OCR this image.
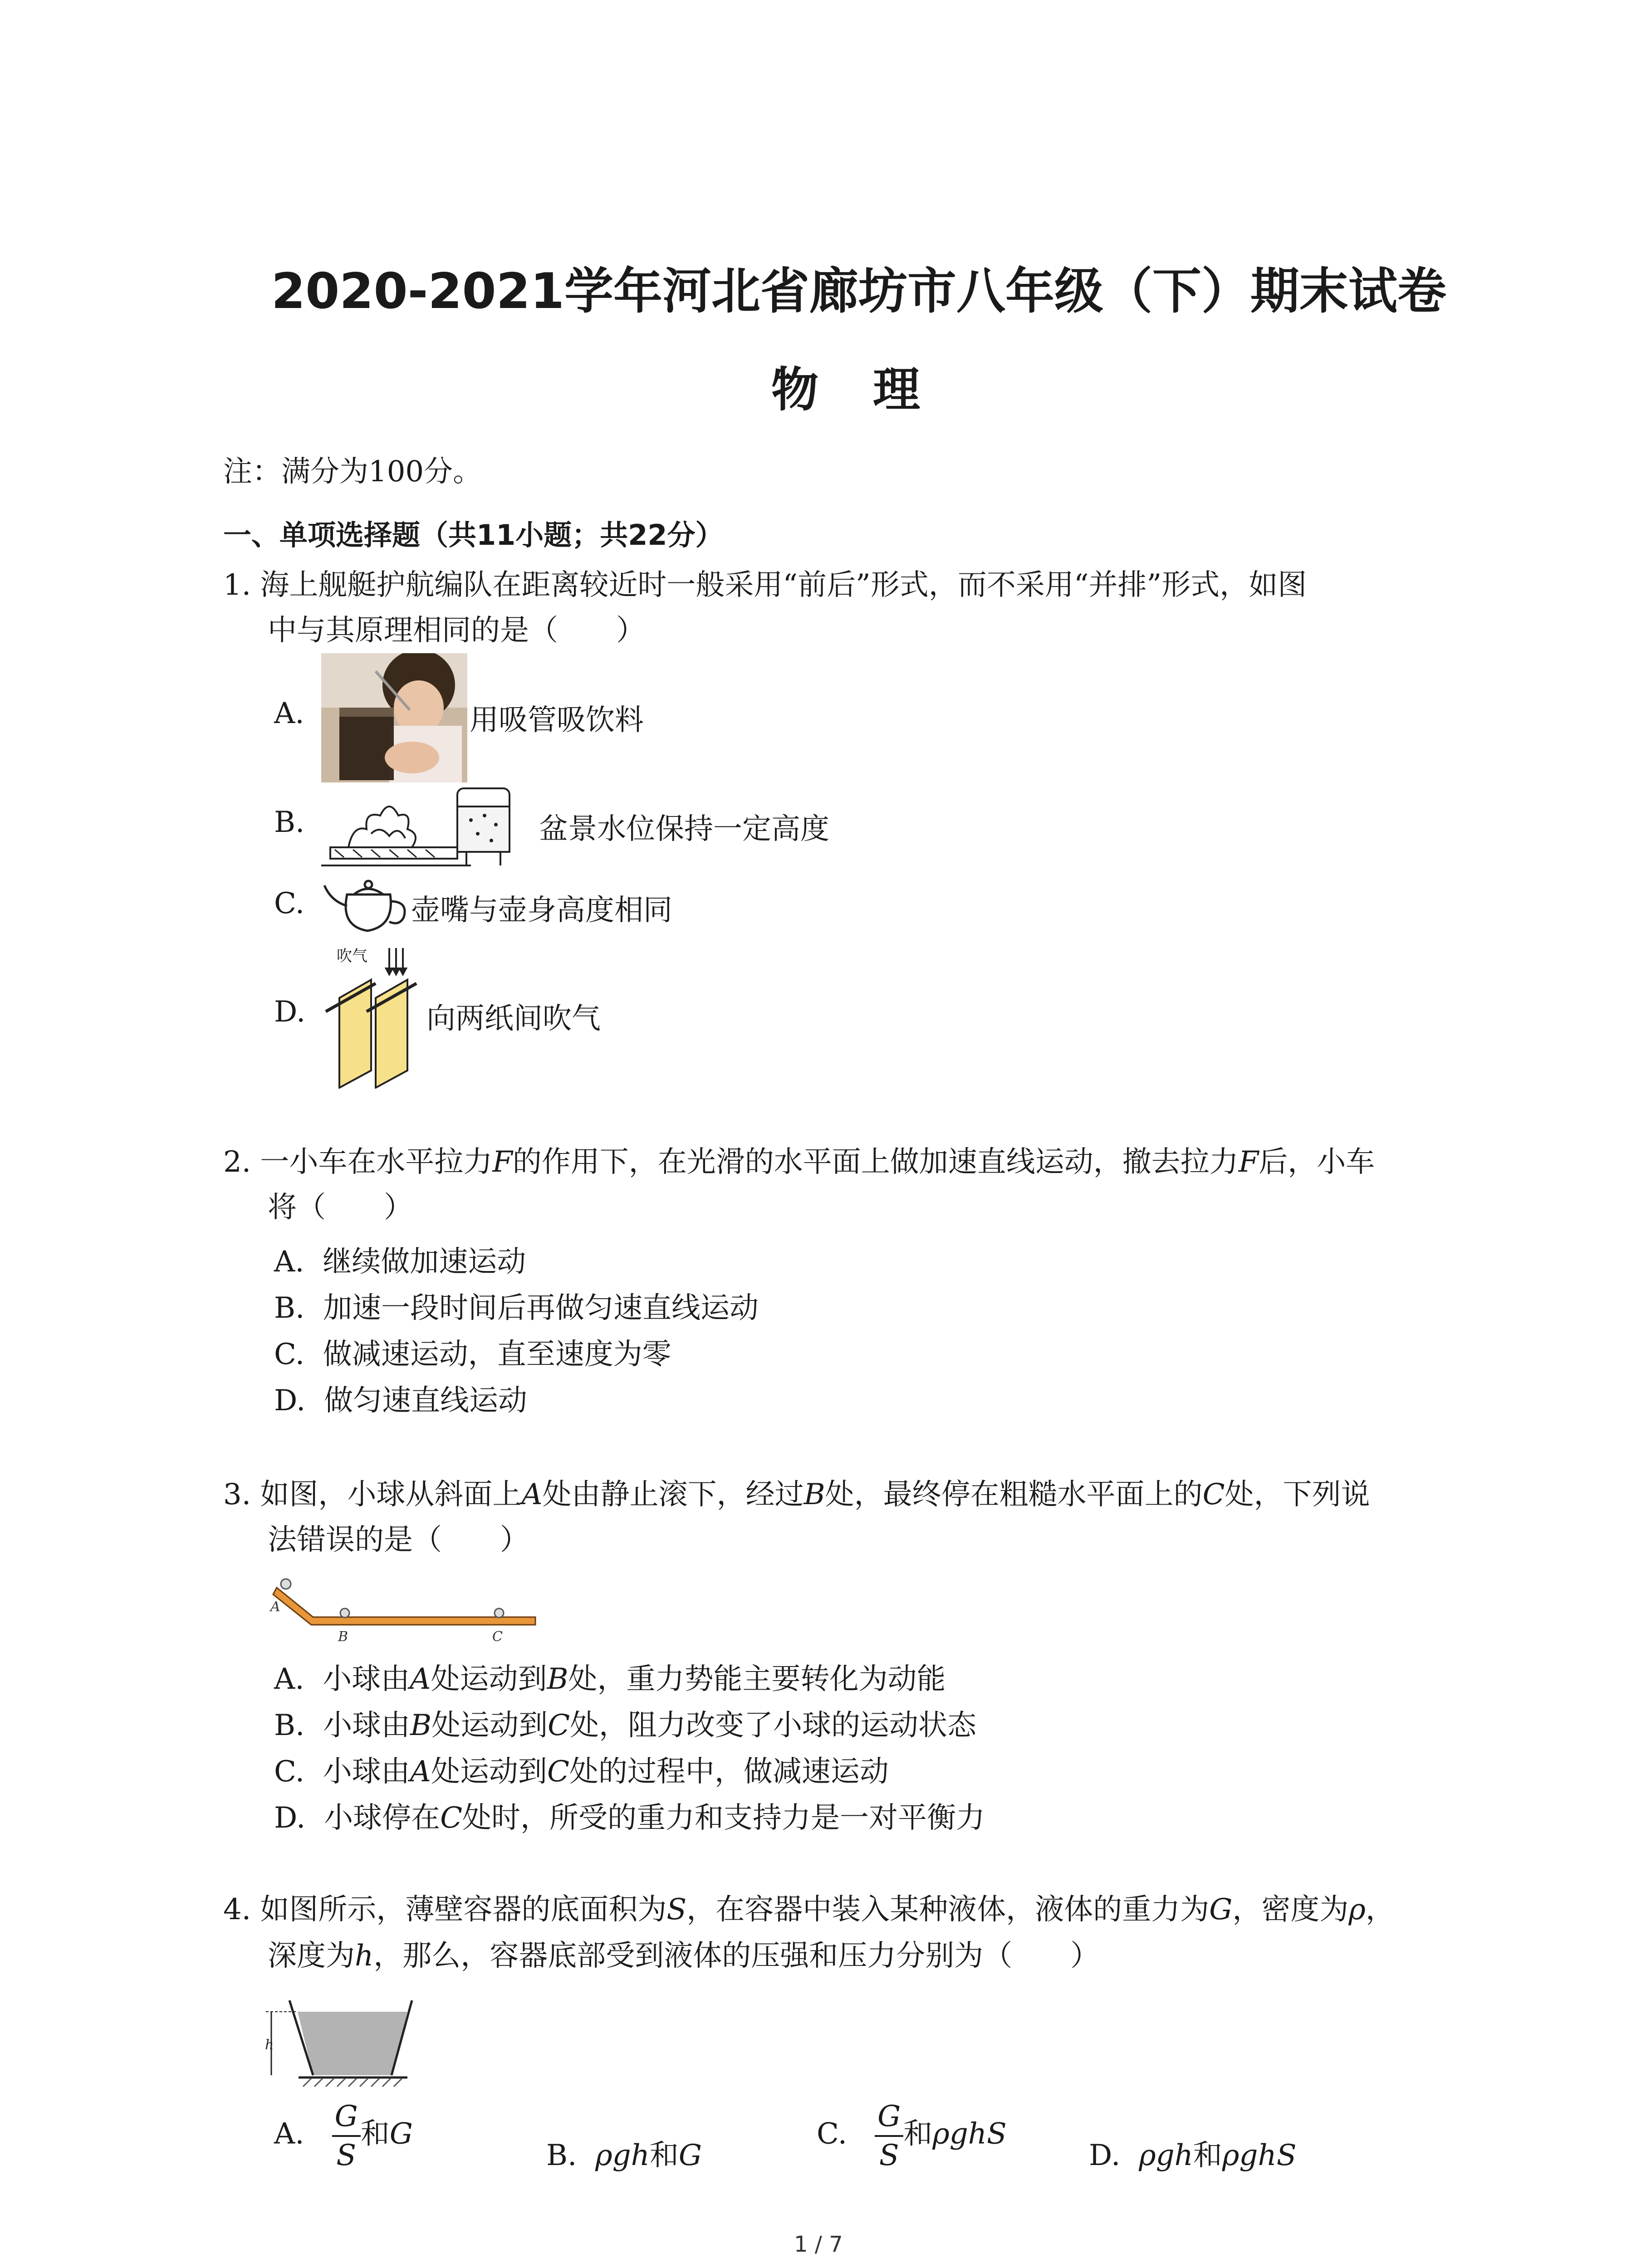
2020-2021学年河北省廊坊市八年级（下）期末试卷
物理
注：满分为100分。
一、单项选择题（共11小题；共22分）
1. 海上舰艇护航编队在距离较近时一般采用“前后”形式，而不采用“并排”形式，如图
中与其原理相同的是（　　）
A.	用吸管吸饮料
B.	盆景水位保持一定高度
C.	壶嘴与壶身高度相同
D.
吹气
向两纸间吹气
2. 一小车在水平拉力F的作用下，在光滑的水平面上做加速直线运动，撤去拉力F后，小车
将（　　）
A. 继续做加速运动
B. 加速一段时间后再做匀速直线运动
C. 做减速运动，直至速度为零
D. 做匀速直线运动
3. 如图，小球从斜面上A处由静止滚下，经过B处，最终停在粗糙水平面上的C处，下列说
法错误的是（　　）
A
B	C
A. 小球由A处运动到B处，重力势能主要转化为动能
B. 小球由B处运动到C处，阻力改变了小球的运动状态
C. 小球由A处运动到C处的过程中，做减速运动
D. 小球停在C处时，所受的重力和支持力是一对平衡力
4. 如图所示，薄壁容器的底面积为S，在容器中装入某种液体，液体的重力为G，密度为ρ，
深度为h，那么，容器底部受到液体的压强和压力分别为（　　）
h
A. $\frac{G}{S}$ 和G
B. ρgh和G
C. $\frac{G}{S}$ 和ρghS
D. ρgh和ρghS
1 / 7
